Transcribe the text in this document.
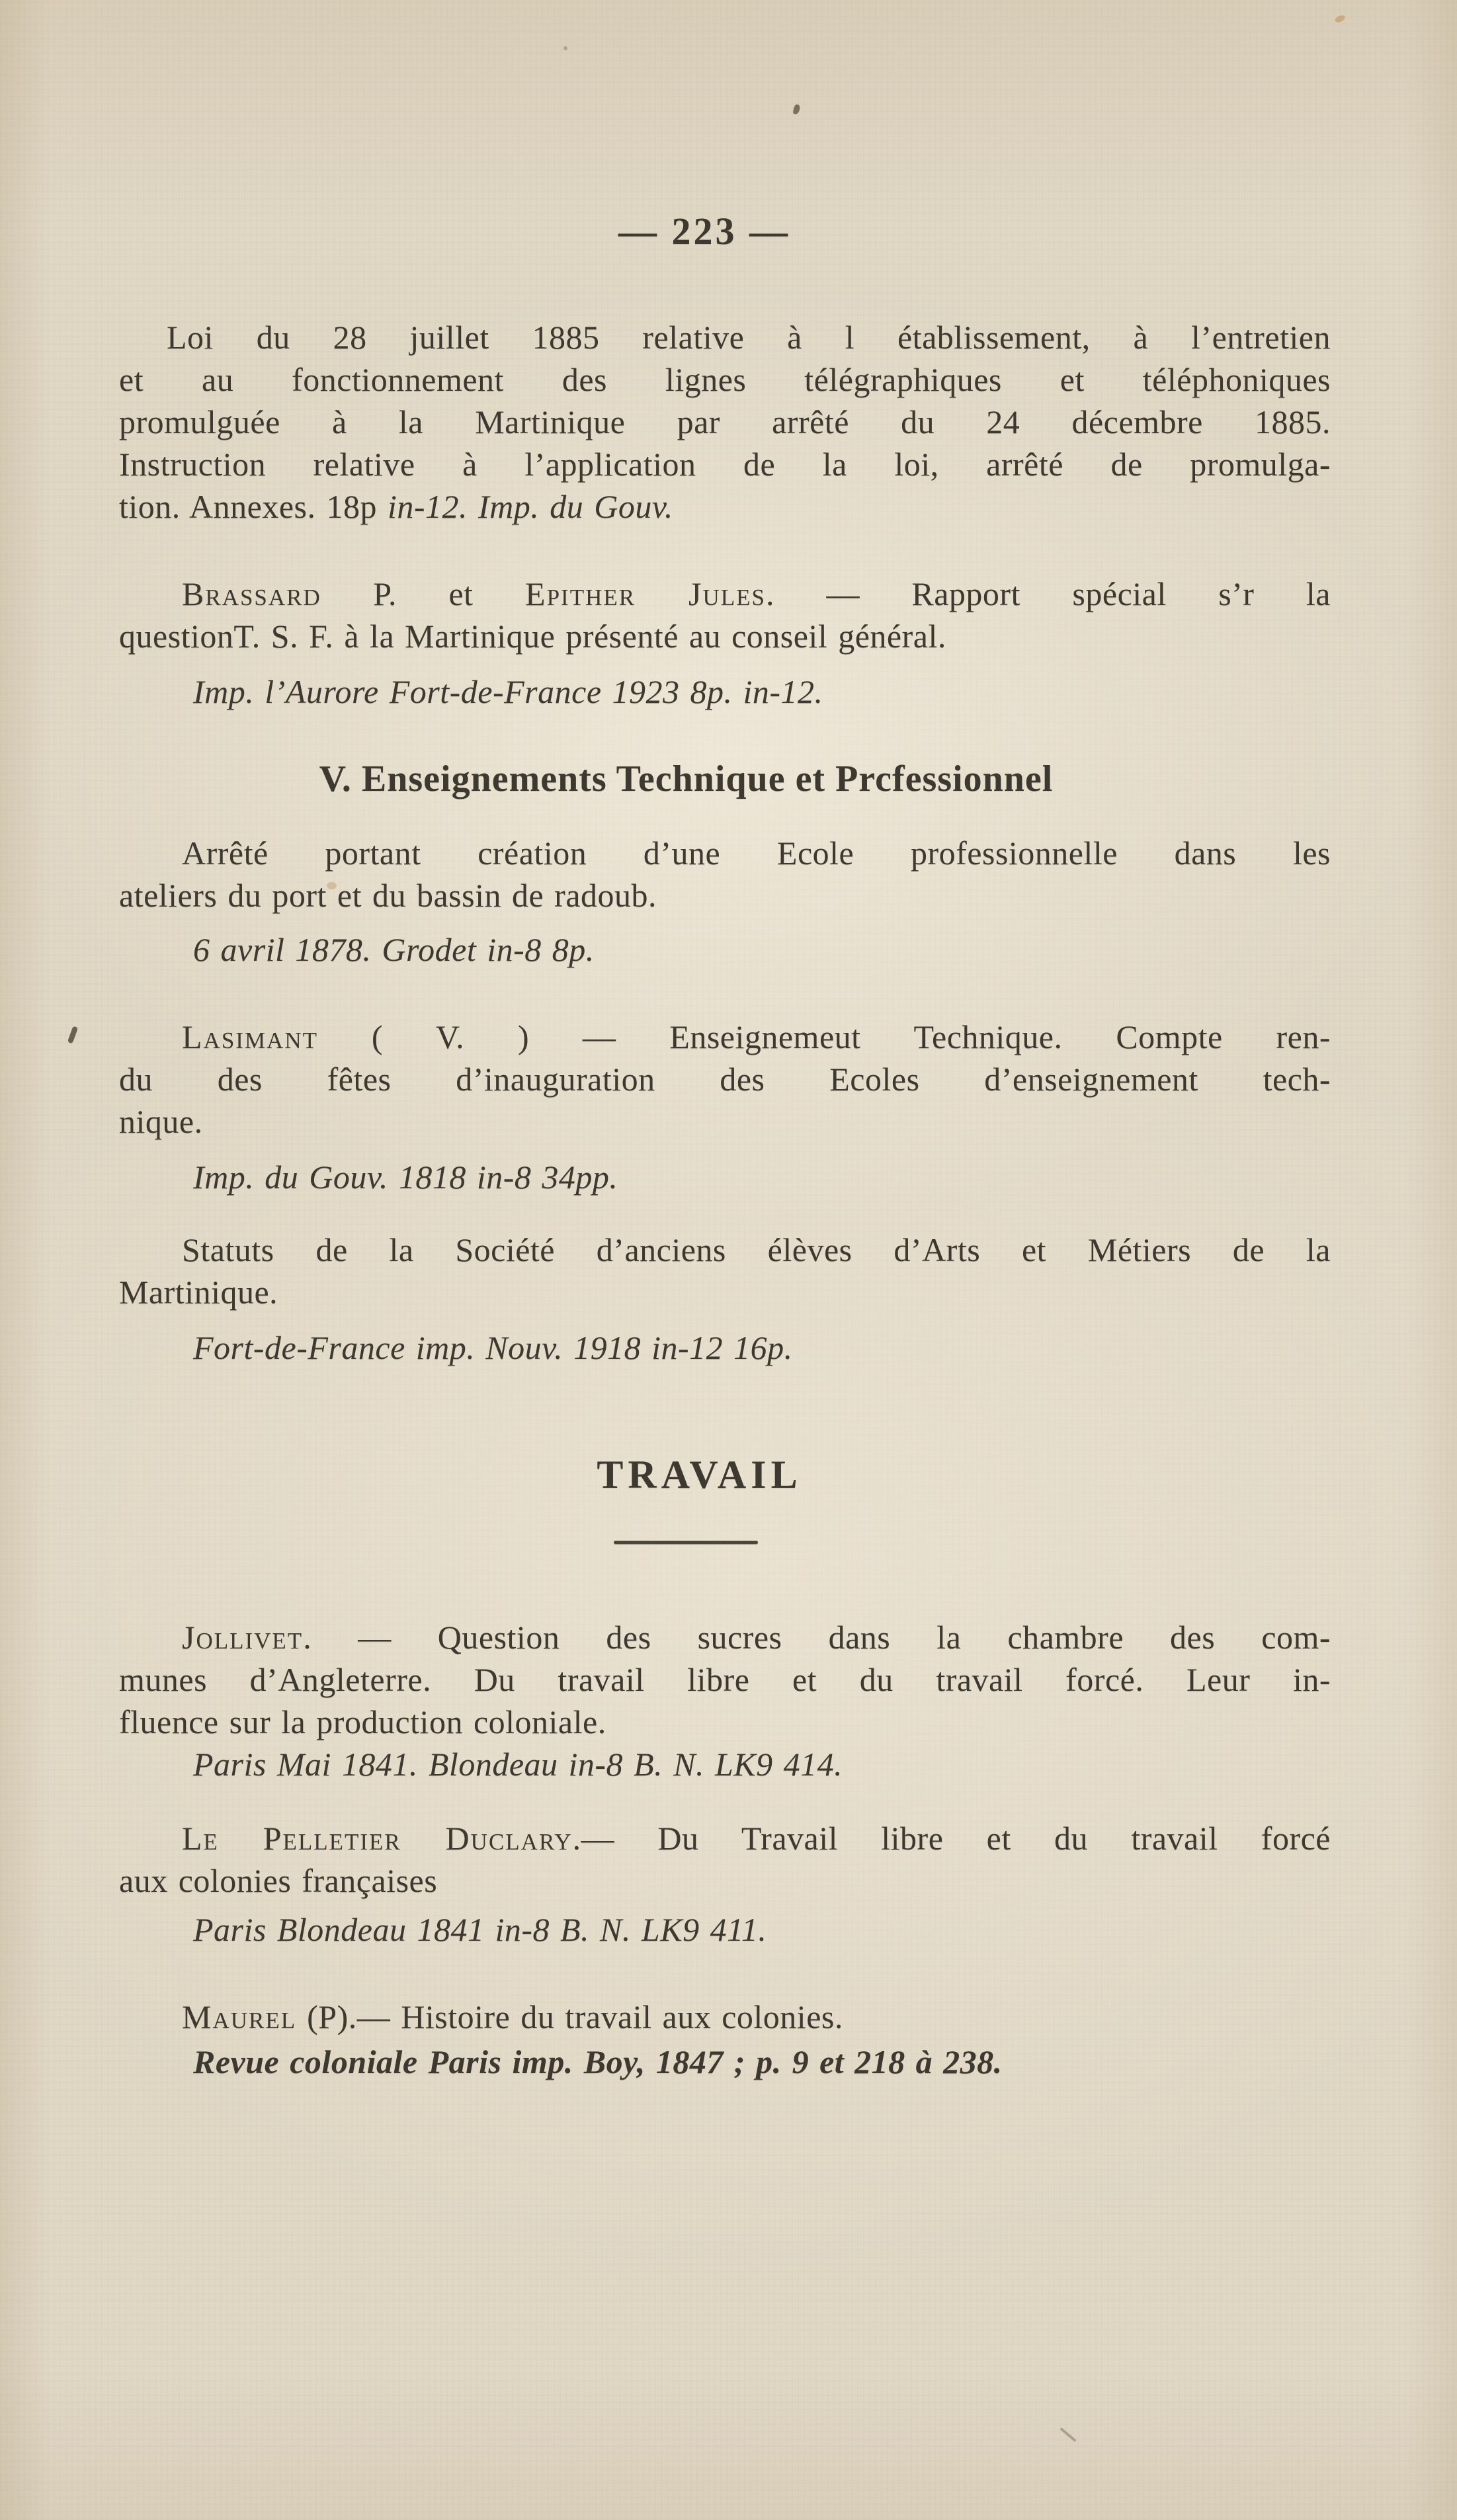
— 223 —
Loi du 28 juillet 1885 relative à l établissement, à l’entretien
et au fonctionnement des lignes télégraphiques et téléphoniques
promulguée à la Martinique par arrêté du 24 décembre 1885.
Instruction relative à l’application de la loi, arrêté de promulga-
tion. Annexes. 18p in-12. Imp. du Gouv.
Brassard P. et Epither Jules. — Rapport spécial s’r la
questionT. S. F. à la Martinique présenté au conseil général.
Imp. l’Aurore Fort-de-France 1923 8p. in-12.
V. Enseignements Technique et Prcfessionnel
Arrêté portant création d’une Ecole professionnelle dans les
ateliers du port et du bassin de radoub.
6 avril 1878. Grodet in-8 8p.
Lasimant ( V. ) — Enseignemeut Technique. Compte ren-
du des fêtes d’inauguration des Ecoles d’enseignement tech-
nique.
Imp. du Gouv. 1818 in-8 34pp.
Statuts de la Société d’anciens élèves d’Arts et Métiers de la
Martinique.
Fort-de-France imp. Nouv. 1918 in-12 16p.
TRAVAIL
Jollivet. — Question des sucres dans la chambre des com-
munes d’Angleterre. Du travail libre et du travail forcé. Leur in-
fluence sur la production coloniale.
Paris Mai 1841. Blondeau in-8 B. N. LK9 414.
Le Pelletier Duclary.— Du Travail libre et du travail forcé
aux colonies françaises
Paris Blondeau 1841 in-8 B. N. LK9 411.
Maurel (P).— Histoire du travail aux colonies.
Revue coloniale Paris imp. Boy, 1847 ; p. 9 et 218 à 238.
